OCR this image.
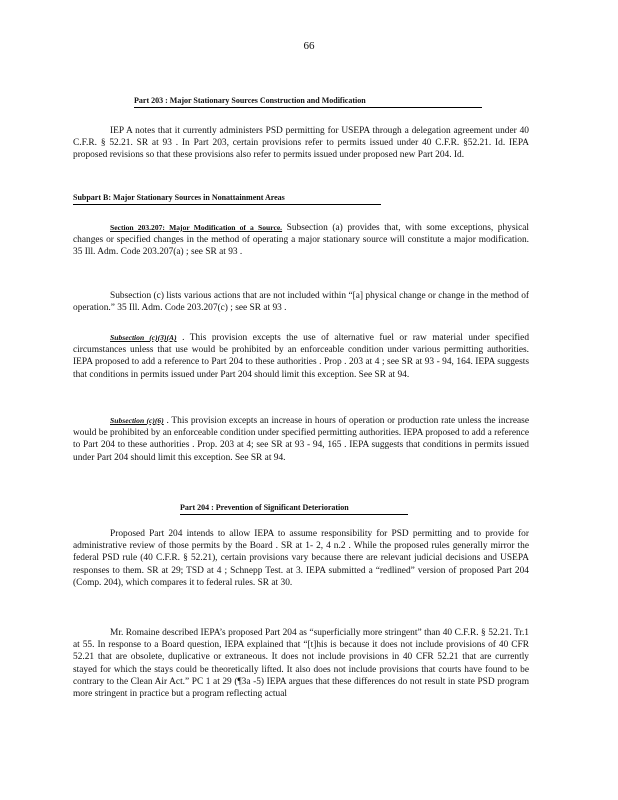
66
Part 203 : Major Stationary Sources Construction and Modification
IEP A notes that it currently administers PSD permitting for USEPA through a delegation agreement under 40 C.F.R. § 52.21. SR at 93 . In Part 203, certain provisions refer to permits issued under 40 C.F.R. §52.21. Id. IEPA proposed revisions so that these provisions also refer to permits issued under proposed new Part 204. Id.
Subpart B: Major Stationary Sources in Nonattainment Areas
Section 203.207: Major Modification of a Source. Subsection (a) provides that, with some exceptions, physical changes or specified changes in the method of operating a major stationary source will constitute a major modification. 35 Ill. Adm. Code 203.207(a) ; see SR at 93 .
Subsection (c) lists various actions that are not included within “[a] physical change or change in the method of operation.” 35 Ill. Adm. Code 203.207(c) ; see SR at 93 .
Subsection (c)(3)(A) . This provision excepts the use of alternative fuel or raw material under specified circumstances unless that use would be prohibited by an enforceable condition under various permitting authorities. IEPA proposed to add a reference to Part 204 to these authorities . Prop . 203 at 4 ; see SR at 93 - 94, 164. IEPA suggests that conditions in permits issued under Part 204 should limit this exception. See SR at 94.
Subsection (c)(6) . This provision excepts an increase in hours of operation or production rate unless the increase would be prohibited by an enforceable condition under specified permitting authorities. IEPA proposed to add a reference to Part 204 to these authorities . Prop. 203 at 4; see SR at 93 - 94, 165 . IEPA suggests that conditions in permits issued under Part 204 should limit this exception. See SR at 94.
Part 204 : Prevention of Significant Deterioration
Proposed Part 204 intends to allow IEPA to assume responsibility for PSD permitting and to provide for administrative review of those permits by the Board . SR at 1- 2, 4 n.2 . While the proposed rules generally mirror the federal PSD rule (40 C.F.R. § 52.21), certain provisions vary because there are relevant judicial decisions and USEPA responses to them. SR at 29; TSD at 4 ; Schnepp Test. at 3. IEPA submitted a “redlined” version of proposed Part 204 (Comp. 204), which compares it to federal rules. SR at 30.
Mr. Romaine described IEPA’s proposed Part 204 as “superficially more stringent” than 40 C.F.R. § 52.21. Tr.1 at 55. In response to a Board question, IEPA explained that “[t]his is because it does not include provisions of 40 CFR 52.21 that are obsolete, duplicative or extraneous. It does not include provisions in 40 CFR 52.21 that are currently stayed for which the stays could be theoretically lifted. It also does not include provisions that courts have found to be contrary to the Clean Air Act.” PC 1 at 29 (¶3a -5) IEPA argues that these differences do not result in state PSD program more stringent in practice but a program reflecting actual
